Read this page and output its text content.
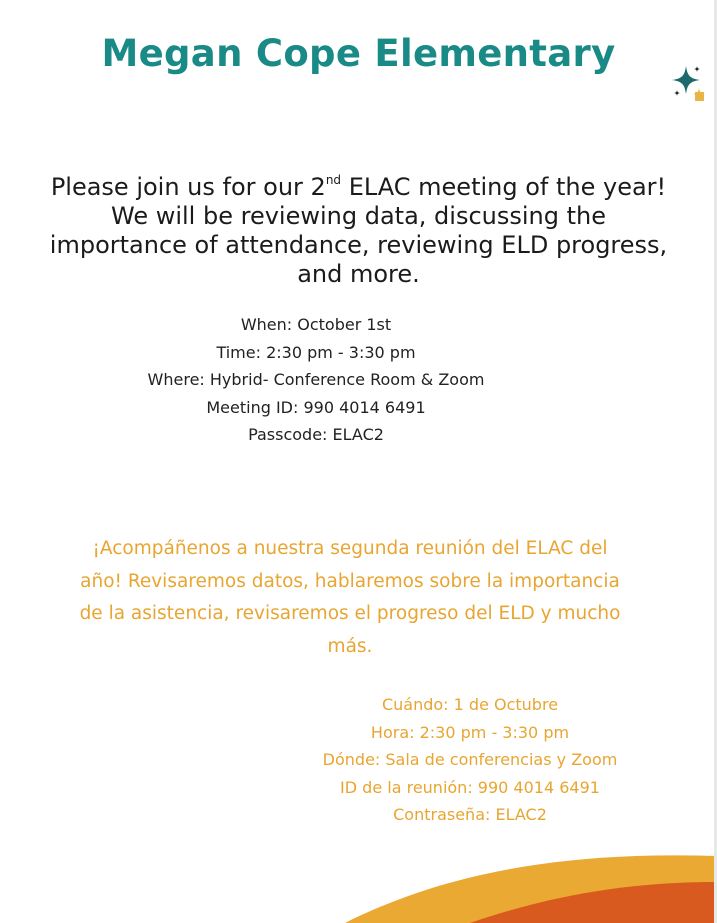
Megan Cope Elementary
Please join us for our 2nd ELAC meeting of the year!
We will be reviewing data, discussing the
importance of attendance, reviewing ELD progress,
and more.
When: October 1st
Time: 2:30 pm - 3:30 pm
Where: Hybrid- Conference Room & Zoom
Meeting ID: 990 4014 6491
Passcode: ELAC2
¡Acompáñenos a nuestra segunda reunión del ELAC del
año! Revisaremos datos, hablaremos sobre la importancia
de la asistencia, revisaremos el progreso del ELD y mucho
más.
Cuándo: 1 de Octubre
Hora: 2:30 pm - 3:30 pm
Dónde: Sala de conferencias y Zoom
ID de la reunión: 990 4014 6491
Contraseña: ELAC2
